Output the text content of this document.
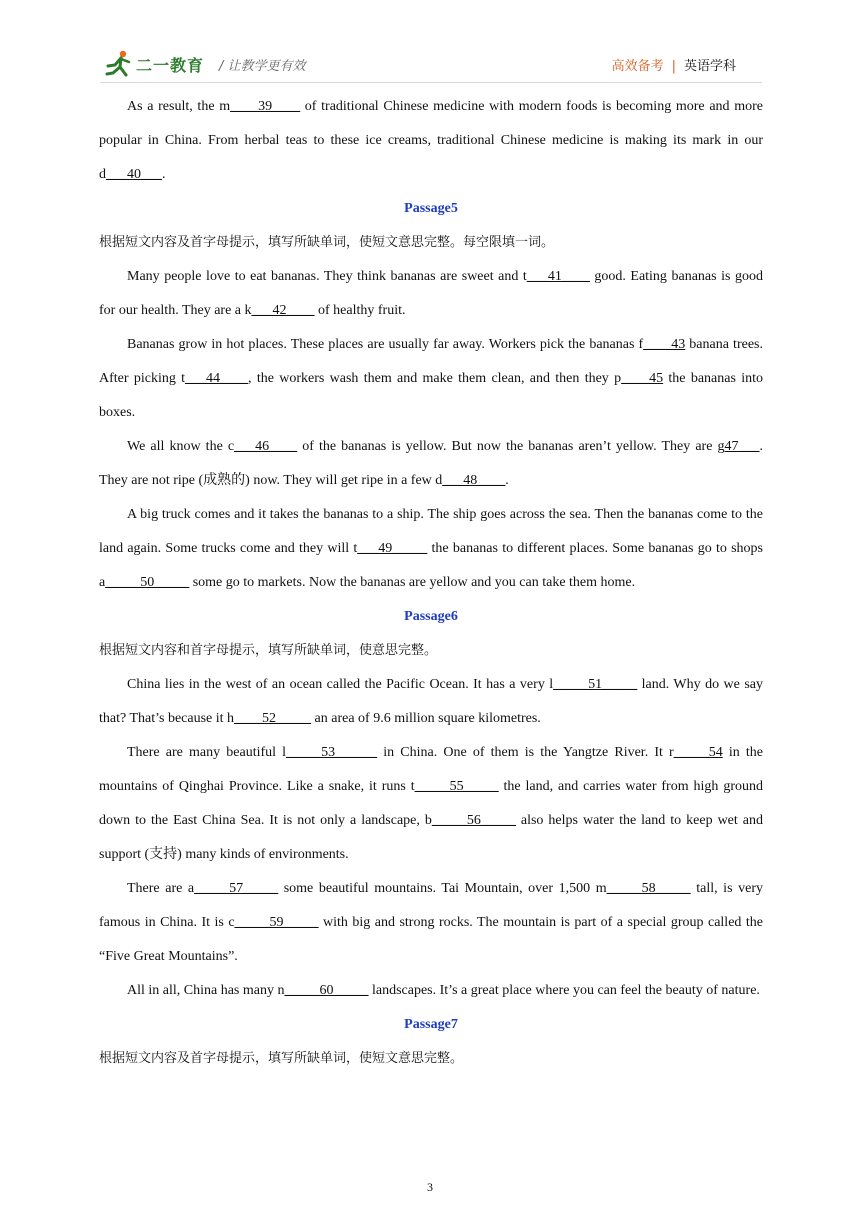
二一教育 / 让教学更有效	高效备考 | 英语学科

As a result, the m____39____ of traditional Chinese medicine with modern foods is becoming more and more popular in China. From herbal teas to these ice creams, traditional Chinese medicine is making its mark in our d___40___.

Passage5

根据短文内容及首字母提示，填写所缺单词，使短文意思完整。每空限填一词。

Many people love to eat bananas. They think bananas are sweet and t___41____ good. Eating bananas is good for our health. They are a k___42____ of healthy fruit.

Bananas grow in hot places. These places are usually far away. Workers pick the bananas f____43 banana trees. After picking t___44____, the workers wash them and make them clean, and then they p____45 the bananas into boxes.

We all know the c___46____ of the bananas is yellow. But now the bananas aren’t yellow. They are g47___. They are not ripe (成熟的) now. They will get ripe in a few d___48____.

A big truck comes and it takes the bananas to a ship. The ship goes across the sea. Then the bananas come to the land again. Some trucks come and they will t___49_____ the bananas to different places. Some bananas go to shops a_____50_____ some go to markets. Now the bananas are yellow and you can take them home.

Passage6

根据短文内容和首字母提示，填写所缺单词，使意思完整。

China lies in the west of an ocean called the Pacific Ocean. It has a very l_____51_____ land. Why do we say that? That’s because it h____52_____ an area of 9.6 million square kilometres.

There are many beautiful l_____53______ in China. One of them is the Yangtze River. It r_____54 in the mountains of Qinghai Province. Like a snake, it runs t_____55_____ the land, and carries water from high ground down to the East China Sea. It is not only a landscape, b_____56_____ also helps water the land to keep wet and support (支持) many kinds of environments.

There are a_____57_____ some beautiful mountains. Tai Mountain, over 1,500 m_____58_____ tall, is very famous in China. It is c_____59_____ with big and strong rocks. The mountain is part of a special group called the “Five Great Mountains”.

All in all, China has many n_____60_____ landscapes. It’s a great place where you can feel the beauty of nature.

Passage7

根据短文内容及首字母提示，填写所缺单词，使短文意思完整。

3
